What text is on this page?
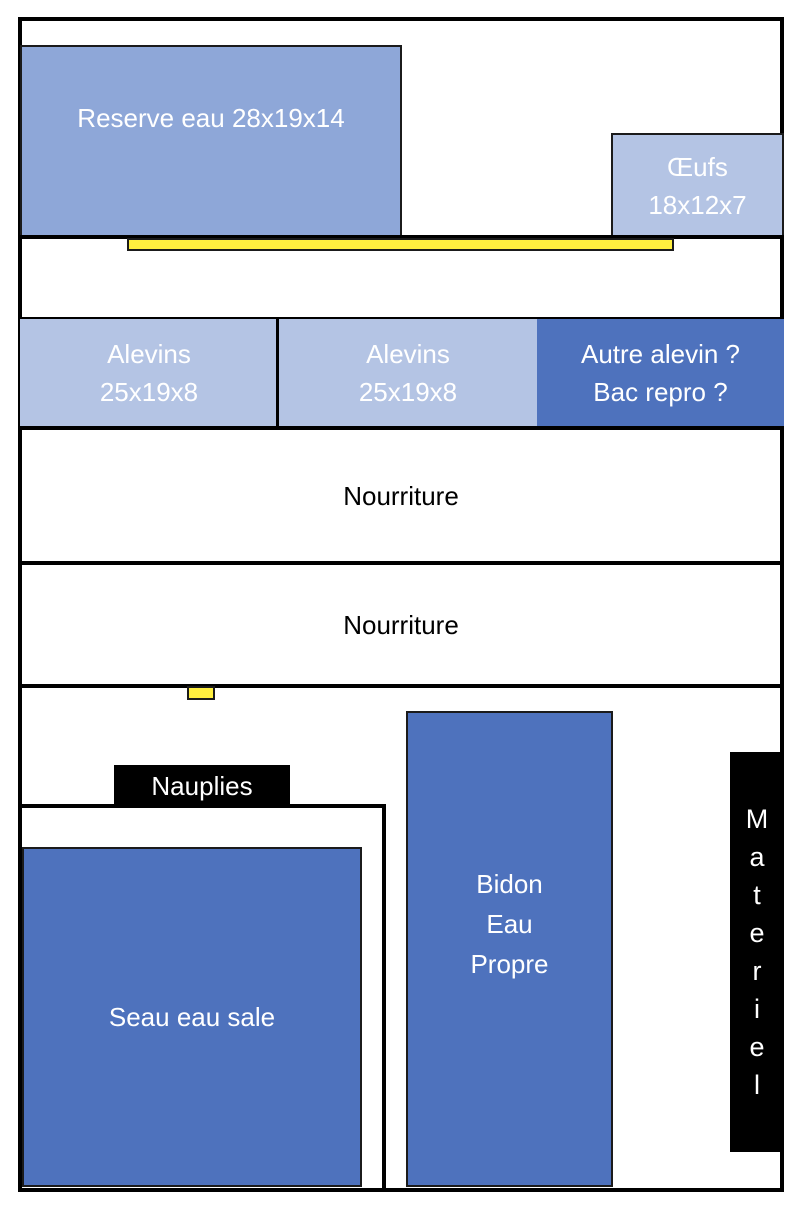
Reserve eau 28x19x14
Œufs
18x12x7
Alevins
25x19x8
Alevins
25x19x8
Autre alevin ?
Bac repro ?
Nourriture
Nourriture
Nauplies
Seau eau sale
Bidon
Eau
Propre
M
a
t
e
r
i
e
l
